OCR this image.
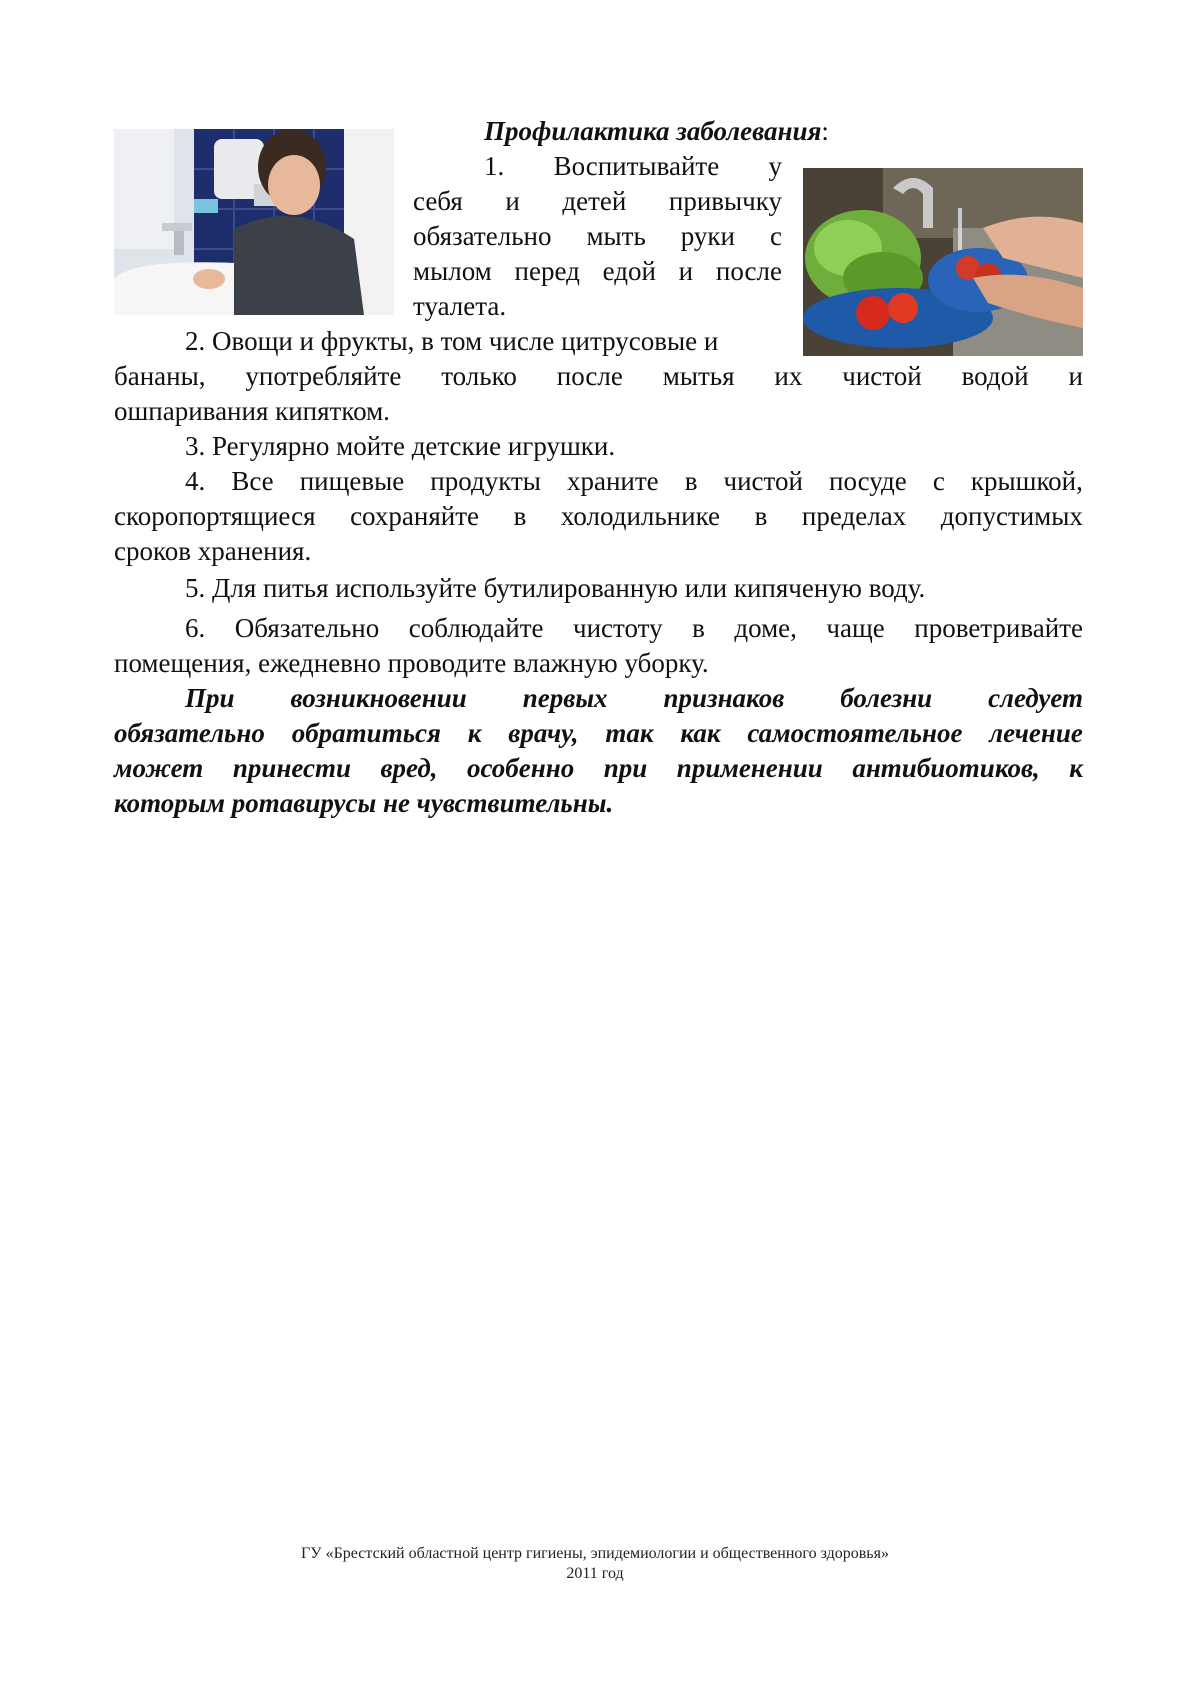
Профилактика заболевания:
1. Воспитывайте у
себя и детей привычку
обязательно мыть руки с
мылом перед едой и после
туалета.
2. Овощи и фрукты, в том числе цитрусовые и
бананы, употребляйте только после мытья их чистой водой и
ошпаривания кипятком.
3. Регулярно мойте детские игрушки.
4. Все пищевые продукты храните в чистой посуде с крышкой,
скоропортящиеся сохраняйте в холодильнике в пределах допустимых
сроков хранения.
5. Для питья используйте бутилированную или кипяченую воду.
6. Обязательно соблюдайте чистоту в доме, чаще проветривайте
помещения, ежедневно проводите влажную уборку.
При возникновении первых признаков болезни следует
обязательно обратиться к врачу, так как самостоятельное лечение
может принести вред, особенно при применении антибиотиков, к
которым ротавирусы не чувствительны.
ГУ «Брестский областной центр гигиены, эпидемиологии и общественного здоровья»
2011 год
